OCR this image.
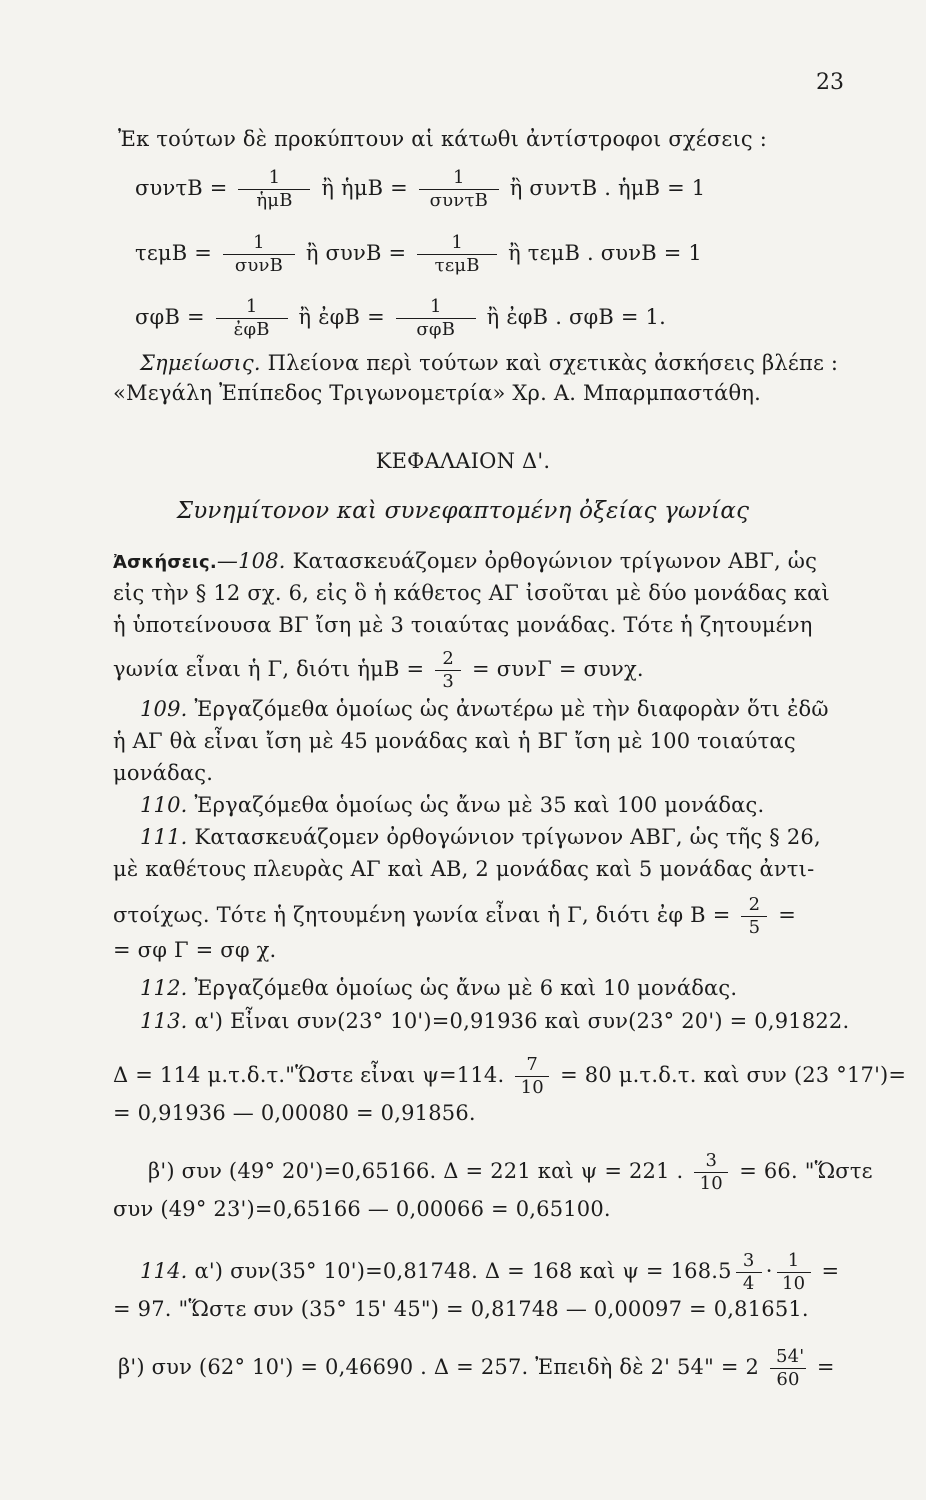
23
Ἐκ τούτων δὲ προκύπτουν αἱ κάτωθι ἀντίστροφοι σχέσεις :
$\sigma\upsilon\nu\tau B = \frac{1}{\text{ἡμB}}$ ἢ ἡμB = $\frac{1}{\text{συντB}}$ ἢ συντB . ἡμB = 1
$\tau\varepsilon\mu B = \frac{1}{\text{συνB}}$ ἢ $\sigma\upsilon\nu B = \frac{1}{\text{τεμB}}$ ἢ τεμB . συνB = 1
$\sigma\varphi B = \frac{1}{\text{ἐφB}}$ ἢ ἐφB = $\frac{1}{\text{σφB}}$ ἢ ἐφB . σφB = 1.
Σημείωσις. Πλείονα περὶ τούτων καὶ σχετικὰς ἀσκήσεις βλέπε :
«Μεγάλη Ἐπίπεδος Τριγωνομετρία» Χρ. Α. Μπαρμπαστάθη.
ΚΕΦΑΛΑΙΟΝ Δ'.
Συνημίτονον καὶ συνεφαπτομένη ὀξείας γωνίας
Ἀσκήσεις.—108. Κατασκευάζομεν ὀρθογώνιον τρίγωνον ΑΒΓ, ὡς
εἰς τὴν § 12 σχ. 6, εἰς ὃ ἡ κάθετος ΑΓ ἰσοῦται μὲ δύο μονάδας καὶ
ἡ ὑποτείνουσα ΒΓ ἴση μὲ 3 τοιαύτας μονάδας. Τότε ἡ ζητουμένη
γωνία εἶναι ἡ Γ, διότι ἡμB = $\frac{2}{3} = \sigma\upsilon\nu\Gamma = \sigma\upsilon\nu\chi$.
109. Ἐργαζόμεθα ὁμοίως ὡς ἀνωτέρω μὲ τὴν διαφορὰν ὅτι ἐδῶ
ἡ ΑΓ θὰ εἶναι ἴση μὲ 45 μονάδας καὶ ἡ ΒΓ ἴση μὲ 100 τοιαύτας
μονάδας.
110. Ἐργαζόμεθα ὁμοίως ὡς ἄνω μὲ 35 καὶ 100 μονάδας.
111. Κατασκευάζομεν ὀρθογώνιον τρίγωνον ΑΒΓ, ὡς τῆς § 26,
μὲ καθέτους πλευρὰς ΑΓ καὶ ΑΒ, 2 μονάδας καὶ 5 μονάδας ἀντι-
στοίχως. Τότε ἡ ζητουμένη γωνία εἶναι ἡ Γ, διότι ἐφ $B = \frac{2}{5}$ =
= σφ Γ = σφ χ.
112. Ἐργαζόμεθα ὁμοίως ὡς ἄνω μὲ 6 καὶ 10 μονάδας.
113. α') Εἶναι συν(23° 10')=0,91936 καὶ συν(23° 20') = 0,91822.
Δ = 114 μ.τ.δ.τ."Ὥστε εἶναι ψ=114. $\frac{7}{10} = 80$ μ.τ.δ.τ. καὶ συν (23 °17')=
= 0,91936 — 0,00080 = 0,91856.
β') συν (49° 20')=0,65166. Δ = 221 καὶ ψ = 221 . $\frac{3}{10} = 66$. "Ὥστε
συν (49° 23')=0,65166 — 0,00066 = 0,65100.
114. α') συν(35° 10')=0,81748. Δ = 168 καὶ $\psi = 168.5 \frac{3}{4} \cdot \frac{1}{10}$ =
= 97. "Ὥστε συν (35° 15' 45") = 0,81748 — 0,00097 = 0,81651.
β') συν (62° 10') = 0,46690 . Δ = 257. Ἐπειδὴ δὲ 2' 54" = $2 \frac{54'}{60}$ =
